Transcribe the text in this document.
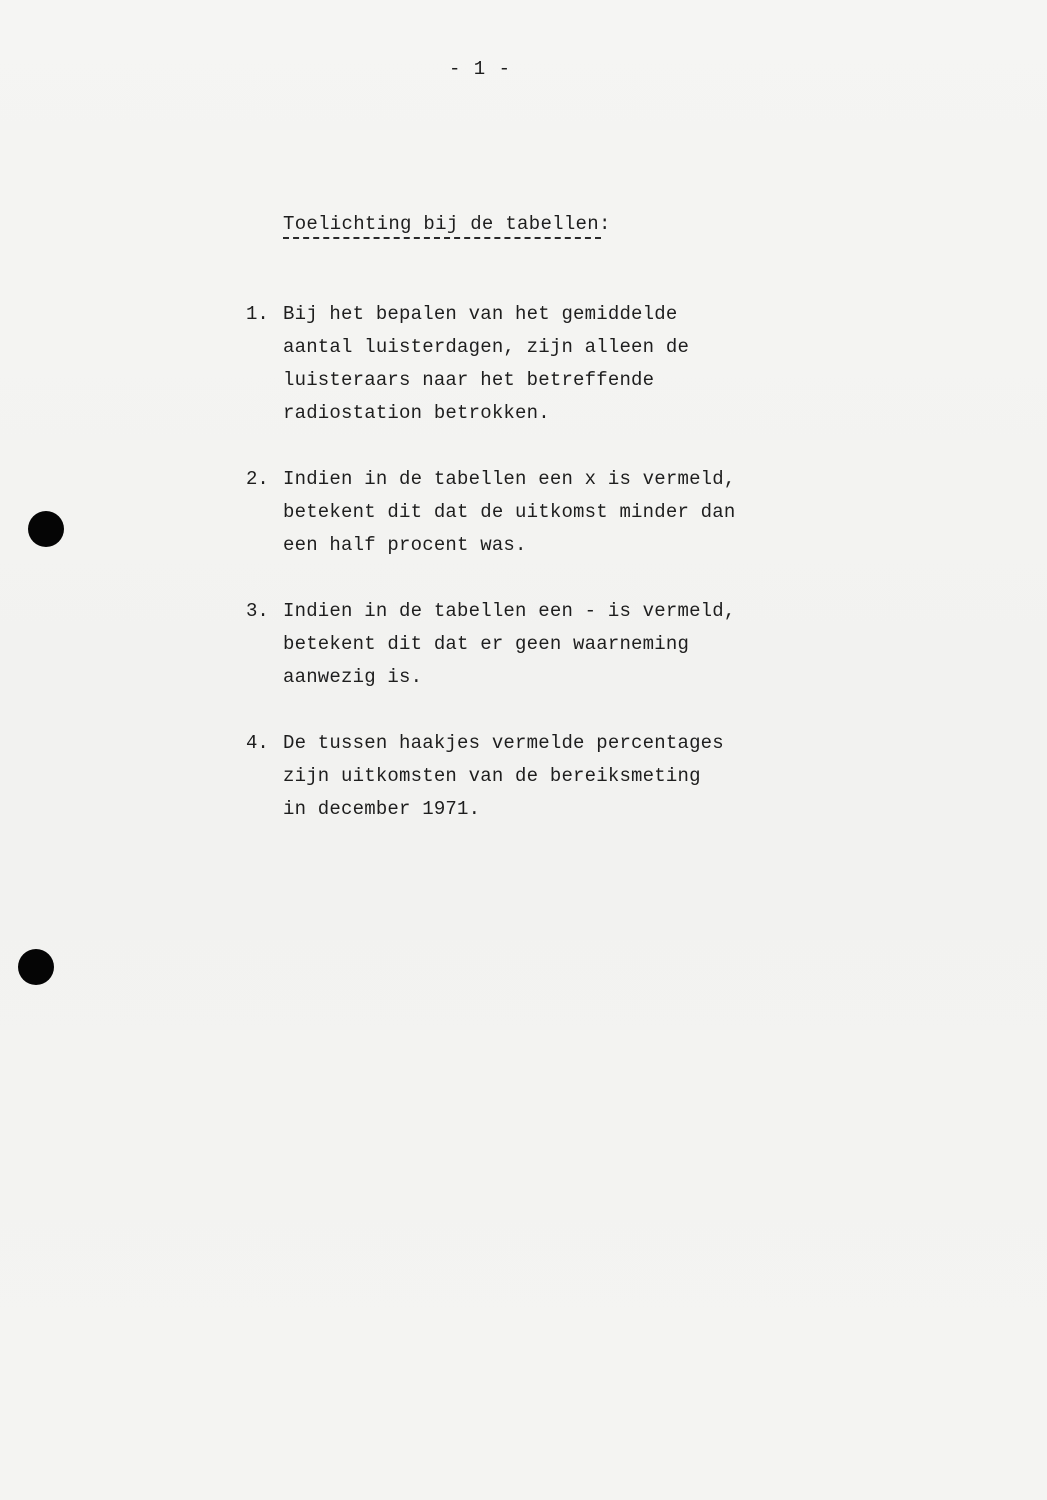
- 1 -
Toelichting bij de tabellen:
1. Bij het bepalen van het gemiddelde
aantal luisterdagen, zijn alleen de
luisteraars naar het betreffende
radiostation betrokken.
2. Indien in de tabellen een x is vermeld,
betekent dit dat de uitkomst minder dan
een half procent was.
3. Indien in de tabellen een - is vermeld,
betekent dit dat er geen waarneming
aanwezig is.
4. De tussen haakjes vermelde percentages
zijn uitkomsten van de bereiksmeting
in december 1971.
